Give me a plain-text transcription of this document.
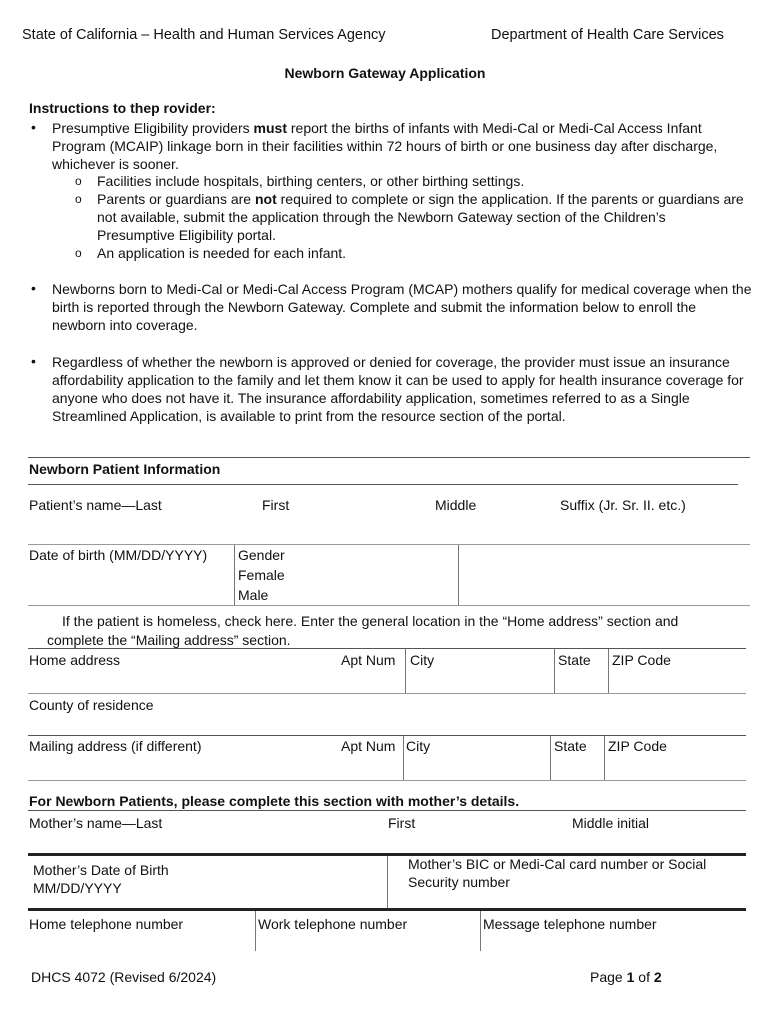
State of California – Health and Human Services Agency	Department of Health Care Services
Newborn Gateway Application
Instructions to thep rovider:
• Presumptive Eligibility providers must report the births of infants with Medi-Cal or Medi-Cal Access Infant Program (MCAIP) linkage born in their facilities within 72 hours of birth or one business day after discharge, whichever is sooner.
o Facilities include hospitals, birthing centers, or other birthing settings.
o Parents or guardians are not required to complete or sign the application. If the parents or guardians are not available, submit the application through the Newborn Gateway section of the Children’s Presumptive Eligibility portal.
o An application is needed for each infant.
• Newborns born to Medi-Cal or Medi-Cal Access Program (MCAP) mothers qualify for medical coverage when the birth is reported through the Newborn Gateway. Complete and submit the information below to enroll the newborn into coverage.
• Regardless of whether the newborn is approved or denied for coverage, the provider must issue an insurance affordability application to the family and let them know it can be used to apply for health insurance coverage for anyone who does not have it. The insurance affordability application, sometimes referred to as a Single Streamlined Application, is available to print from the resource section of the portal.
Newborn Patient Information
Patient’s name—Last	First	Middle	Suffix (Jr. Sr. II. etc.)
Date of birth (MM/DD/YYYY) Gender
Female
Male
If the patient is homeless, check here. Enter the general location in the “Home address” section and
complete the “Mailing address” section.
Home address	Apt Num City	State ZIP Code
County of residence
Mailing address (if different)	Apt Num City	State ZIP Code
For Newborn Patients, please complete this section with mother’s details.
Mother’s name—Last	First	Middle initial
Mother’s Date of Birth
MM/DD/YYYY
Mother’s BIC or Medi-Cal card number or Social
Security number
Home telephone number	Work telephone number	Message telephone number
DHCS 4072 (Revised 6/2024)	Page 1 of 2
